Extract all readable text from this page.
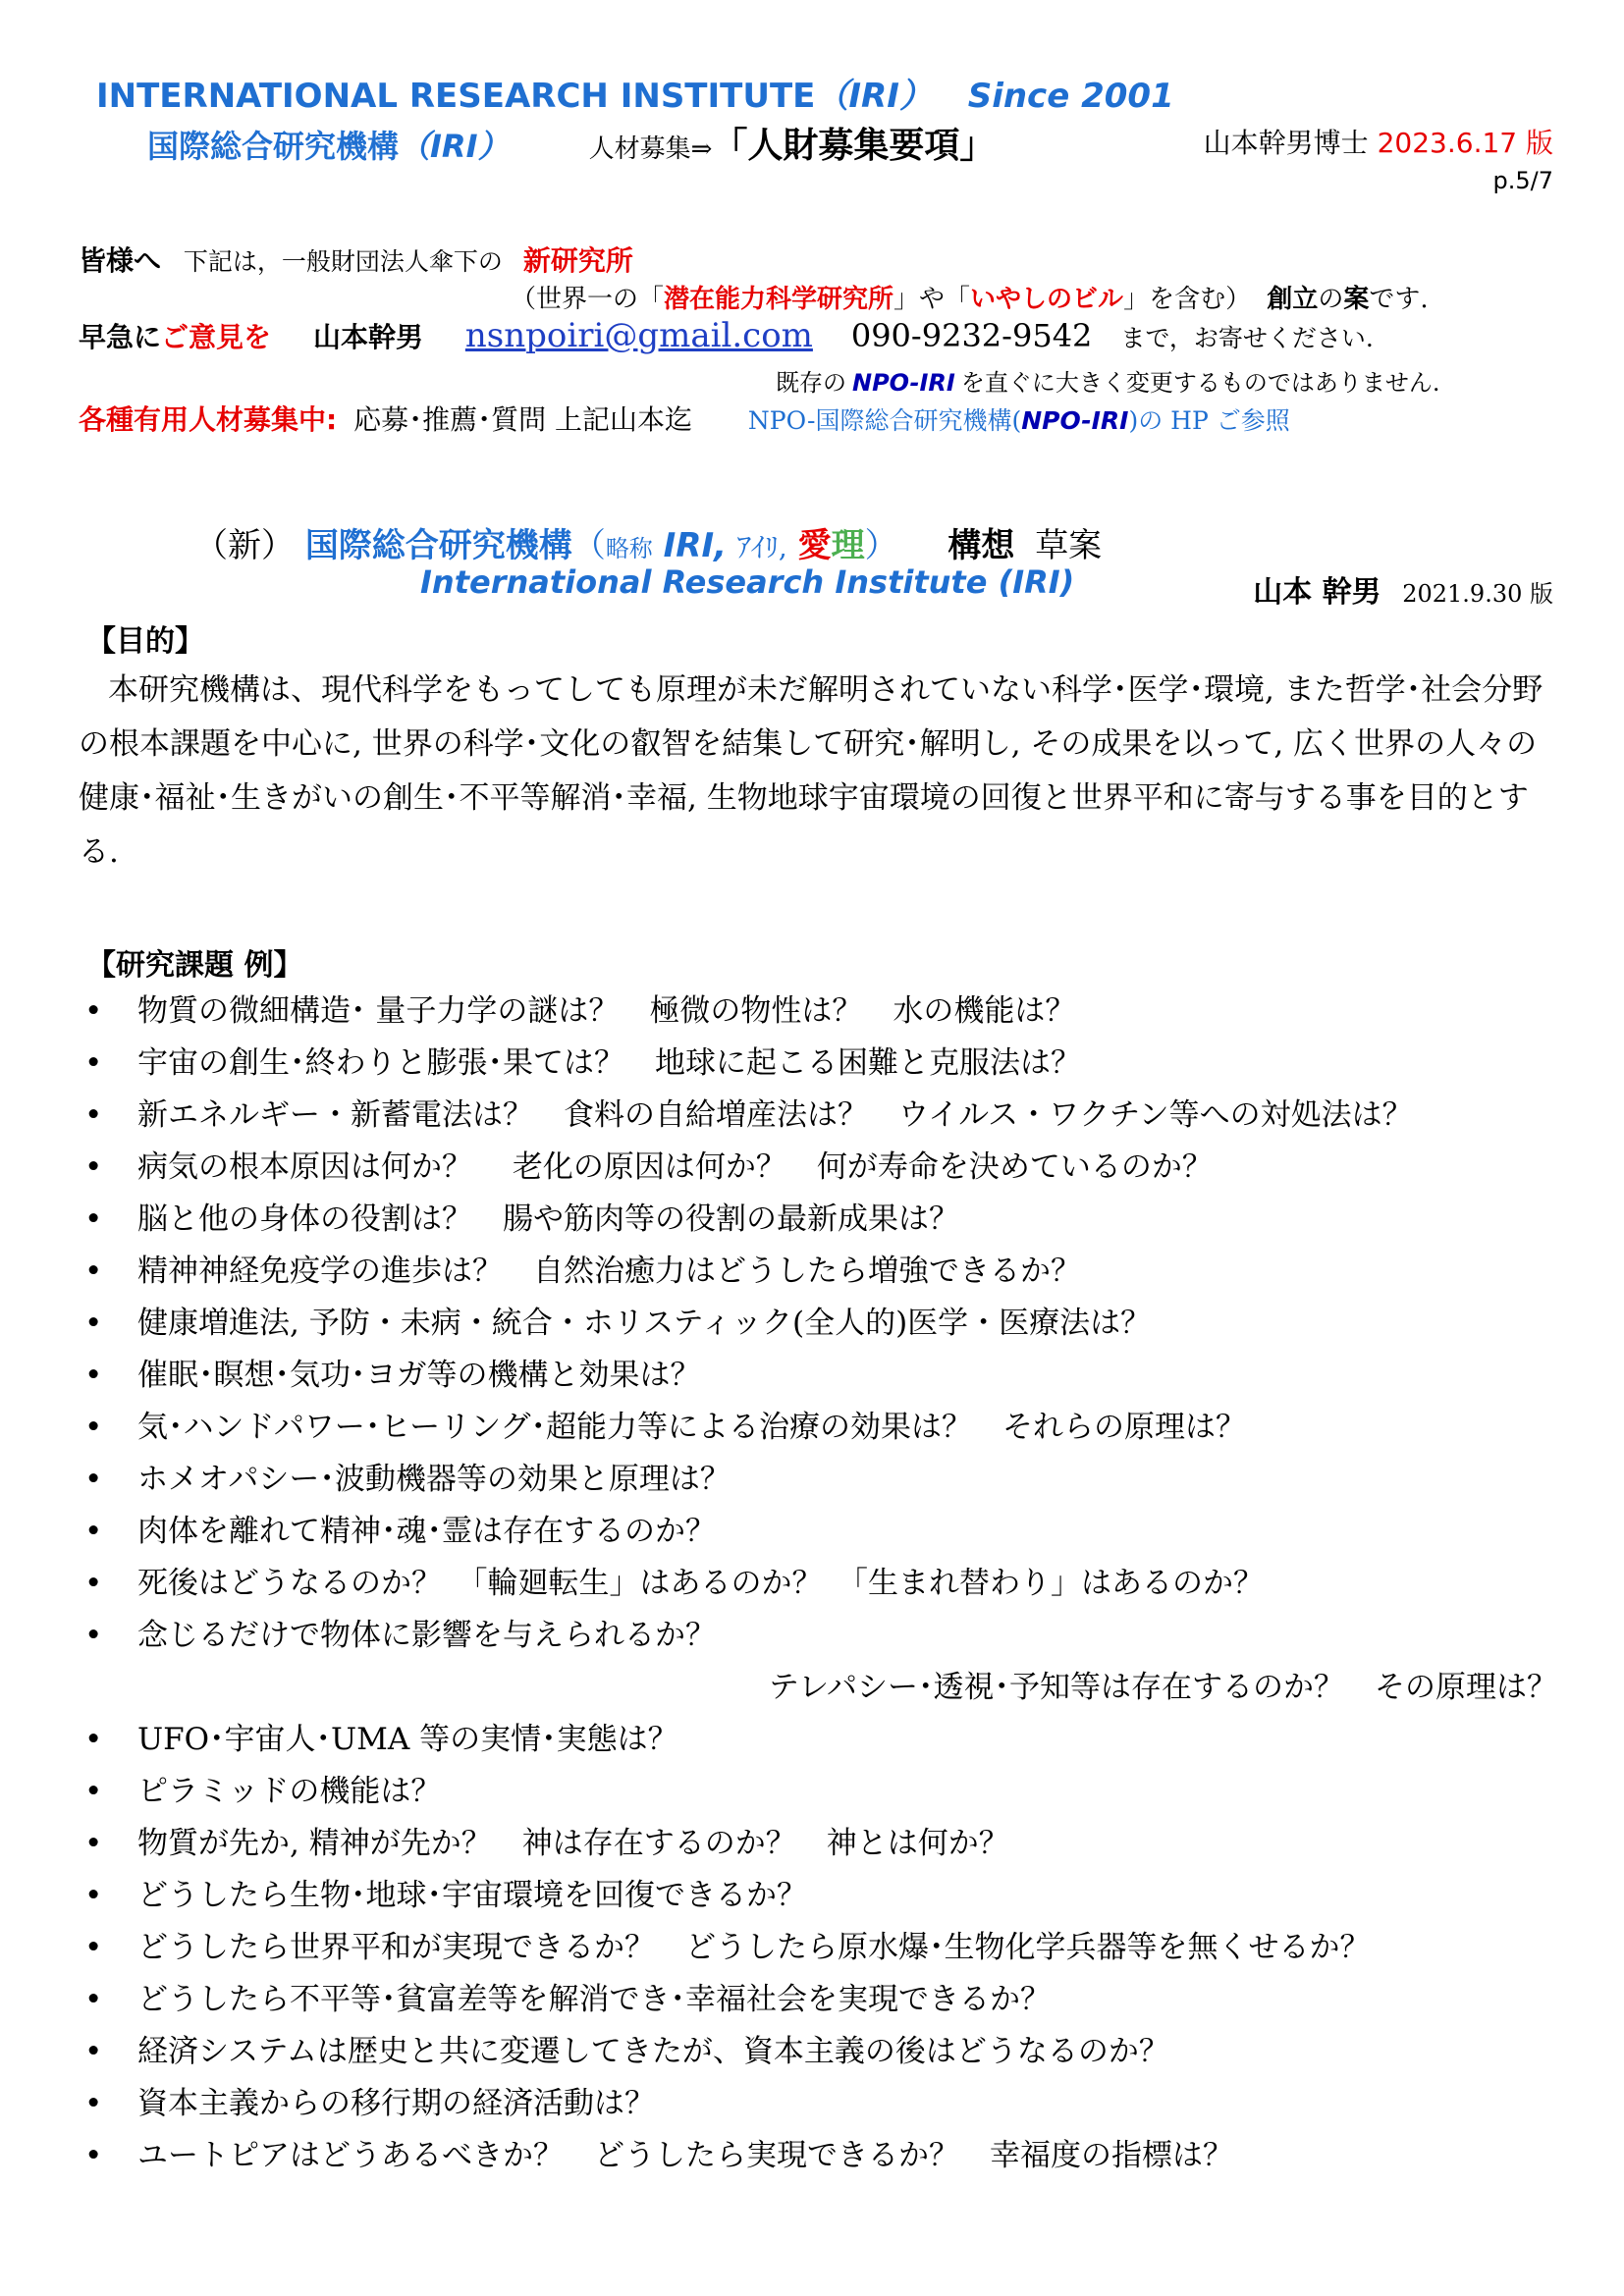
INTERNATIONAL RESEARCH INSTITUTE（IRI） Since 2001
国際総合研究機構（IRI）	人材募集⇒「人財募集要項」	山本幹男博士 2023.6.17 版
p.5/7
皆様へ 下記は，一般財団法人傘下の 新研究所
（世界一の「潜在能力科学研究所」や「いやしのビル」を含む） 創立の案です.
早急にご意見を 山本幹男 nsnpoiri@gmail.com 090-9232-9542 まで，お寄せください.
既存の NPO-IRI を直ぐに大きく変更するものではありません.
各種有用人材募集中: 応募･推薦･質問 上記山本迄 NPO-国際総合研究機構(NPO-IRI)の HP ご参照
（新） 国際総合研究機構（略称 IRI, ｱｲﾘ, 愛理） 構想 草案
International Research Institute (IRI)	山本 幹男 2021.9.30 版
【目的】
本研究機構は、現代科学をもってしても原理が未だ解明されていない科学･医学･環境, また哲学･社会分野の根本課題を中心に, 世界の科学･文化の叡智を結集して研究･解明し, その成果を以って, 広く世界の人々の健康･福祉･生きがいの創生･不平等解消･幸福, 生物地球宇宙環境の回復と世界平和に寄与する事を目的とする.
【研究課題 例】
• 物質の微細構造･ 量子力学の謎は？　極微の物性は？　水の機能は？
• 宇宙の創生･終わりと膨張･果ては？　地球に起こる困難と克服法は？
• 新エネルギー・新蓄電法は？　食料の自給増産法は？　ウイルス・ワクチン等への対処法は？
• 病気の根本原因は何か？　 老化の原因は何か？　何が寿命を決めているのか？
• 脳と他の身体の役割は？　腸や筋肉等の役割の最新成果は？
• 精神神経免疫学の進歩は？　自然治癒力はどうしたら増強できるか？
• 健康増進法, 予防・未病・統合・ホリスティック(全人的)医学・医療法は？
• 催眠･瞑想･気功･ヨガ等の機構と効果は？
• 気･ハンドパワー･ヒーリング･超能力等による治療の効果は？　それらの原理は？
• ホメオパシー･波動機器等の効果と原理は？
• 肉体を離れて精神･魂･霊は存在するのか？
• 死後はどうなるのか？　「輪廻転生」はあるのか？　「生まれ替わり」はあるのか？
• 念じるだけで物体に影響を与えられるか？
テレパシー･透視･予知等は存在するのか？　その原理は？
• UFO･宇宙人･UMA 等の実情･実態は？
• ピラミッドの機能は？
• 物質が先か, 精神が先か？　神は存在するのか？　神とは何か？
• どうしたら生物･地球･宇宙環境を回復できるか？
• どうしたら世界平和が実現できるか？　どうしたら原水爆･生物化学兵器等を無くせるか？
• どうしたら不平等･貧富差等を解消でき･幸福社会を実現できるか？
• 経済システムは歴史と共に変遷してきたが、資本主義の後はどうなるのか？
• 資本主義からの移行期の経済活動は？
• ユートピアはどうあるべきか？　どうしたら実現できるか？　幸福度の指標は？
